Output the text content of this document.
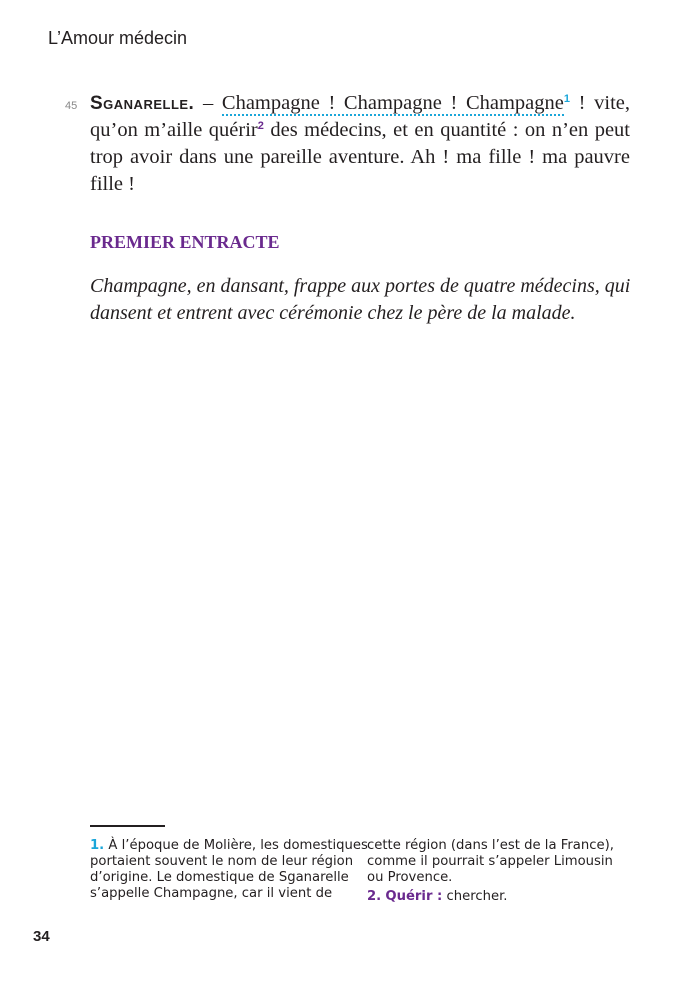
L’Amour médecin
45 Sganarelle. – Champagne ! Champagne ! Champagne$^1$ ! vite,
qu’on m’aille quérir$^2$ des médecins, et en quantité : on n’en peut
trop avoir dans une pareille aventure. Ah ! ma fille ! ma pauvre
fille !
PREMIER ENTRACTE
Champagne, en dansant, frappe aux portes de quatre médecins, qui
dansent et entrent avec cérémonie chez le père de la malade.
1. À l’époque de Molière, les domestiques
portaient souvent le nom de leur région
d’origine. Le domestique de Sganarelle
s’appelle Champagne, car il vient de
cette région (dans l’est de la France),
comme il pourrait s’appeler Limousin
ou Provence.
2. Quérir : chercher.
34
